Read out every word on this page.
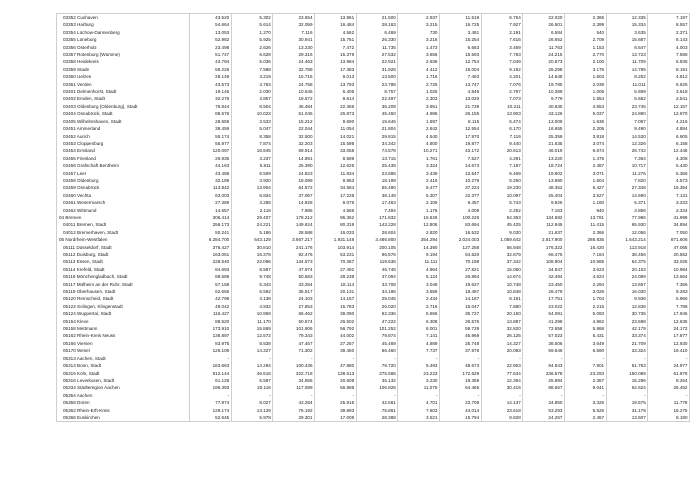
03352 Cuxhaven	43.520	5.302	23.654	13.961	21.500	2.937	11.519	6.764	22.020	2.365	12.335	7.197
03353 Harburg	54.664	5.614	32.059	16.484	28.163	3.215	16.725	7.927	26.501	2.399	15.334	8.557
03354 Lüchow-Dannenberg	13.053	1.270	7.116	4.562	6.469	730	3.481	2.191	6.584	540	3.635	2.371
03355 Lüneburg	52.982	5.925	30.941	15.761	26.330	3.216	15.254	7.616	26.652	2.709	15.687	8.143
03356 Osterholz	23.498	2.626	13.230	7.472	11.735	1.473	6.663	3.469	11.763	1.153	6.547	4.003
03357 Rotenburg (Wümme)	51.747	6.628	29.316	15.379	27.532	3.656	15.593	7.783	24.215	2.770	13.723	7.596
03358 Heidekreis	43.794	5.036	24.463	13.984	22.921	2.936	12.754	7.049	20.873	2.100	11.709	6.935
03359 Stade	56.226	7.588	32.789	17.383	31.928	4.412	18.004	9.192	26.298	3.176	14.785	8.191
03360 Uelzen	28.149	3.219	15.715	9.013	13.500	1.716	7.463	4.201	14.648	1.503	8.252	4.812
03361 Verden	43.573	4.763	24.758	13.793	23.788	2.725	13.747	7.076	19.785	2.038	11.011	6.625
03401 Delmenhorst, Stadt	19.146	2.030	10.545	6.405	8.757	1.025	4.846	2.787	10.389	1.005	5.699	3.618
03402 Emden, Stadt	32.276	3.857	18.572	9.614	22.497	2.303	13.020	7.073	9.779	1.554	5.652	2.541
03403 Oldenburg (Oldenburg), Stadt	76.844	8.504	45.484	22.366	36.209	3.951	21.739	10.211	40.635	4.553	23.745	12.157
03404 Osnabrück, Stadt	88.576	10.023	51.045	26.873	45.450	4.986	26.155	13.903	43.126	5.037	24.890	12.970
03405 Wilhelmshaven, Stadt	28.655	3.533	15.212	9.690	15.646	1.897	8.115	5.474	13.009	1.636	7.097	4.216
03451 Ammerland	38.459	5.047	22.044	11.054	21.804	2.842	12.554	6.170	16.655	2.205	9.490	4.884
03452 Aurich	55.174	8.358	32.500	14.021	29.815	4.540	17.970	7.116	25.359	3.818	14.530	6.905
03453 Cloppenburg	55.977	7.874	32.203	15.598	34.342	4.800	19.877	9.440	21.635	3.074	12.326	6.158
03454 Emsland	120.097	16.945	69.914	33.058	74.578	10.271	43.172	20.613	46.019	6.674	26.742	12.445
03455 Friesland	26.935	3.237	14.891	8.589	13.715	1.761	7.527	4.291	13.220	1.476	7.364	4.308
03456 Grafschaft Bentheim	44.163	5.811	25.390	12.625	25.439	3.324	14.673	7.187	18.724	2.487	10.717	5.430
03457 Leer	43.488	6.509	24.823	11.834	23.686	3.439	13.547	6.469	19.802	3.071	11.276	5.366
03458 Oldenburg	32.189	3.920	18.099	9.863	18.199	2.416	10.279	5.290	13.990	1.504	7.820	4.573
03459 Osnabrück	113.842	13.904	64.572	34.584	65.490	8.477	37.224	19.230	48.352	5.427	27.348	15.354
03460 Vechta	63.003	8.834	37.067	17.228	38.149	5.307	22.377	10.097	25.404	3.527	14.690	7.131
03461 Wesermarsch	27.389	3.285	14.828	9.076	17.463	2.105	9.457	5.743	9.926	1.180	5.371	3.333
03462 Wittmund	14.657	2.116	7.985	4.566	7.494	1.176	4.009	2.252	7.163	940	3.856	2.334
04 Bremen	306.414	29.407	178.212	96.362	171.832	15.626	100.226	54.363	134.582	13.781	77.986	41.999
04011 Bremen, Stadt	256.173	24.221	149.624	80.319	143.228	12.806	83.694	45.425	112.945	11.415	65.930	34.894
04012 Bremerhaven, Stadt	50.241	5.186	28.588	16.033	28.604	2.820	16.532	9.030	21.637	2.366	12.056	7.050
05 Nordrhein-Westfalen	6.284.700	643.129	3.667.217	1.931.148	3.466.800	354.294	2.024.003	1.059.642	2.817.900	288.835	1.643.214	871.606
05111 Düsseldorf, Stadt	376.427	30.810	241.176	103.914	200.105	14.390	127.258	56.948	176.322	16.420	113.918	47.065
05112 Duisburg, Stadt	163.051	16.378	92.476	53.231	96.576	9.194	54.520	32.679	66.475	7.184	38.456	20.552
05113 Essen, Stadt	228.540	22.096	134.573	70.367	119.636	11.111	70.198	37.342	108.904	10.985	64.375	33.025
05114 Krefeld, Stadt	84.693	8.587	47.974	27.492	46.746	4.964	27.821	15.060	34.947	3.623	20.153	10.984
05116 Mönchengladbach, Stadt	89.588	9.748	50.583	28.238	47.094	5.124	26.894	14.674	42.494	4.624	24.089	13.564
05117 Mülheim an der Ruhr, Stadt	57.158	5.343	33.284	18.114	33.708	3.049	19.627	10.748	23.450	2.294	13.657	7.366
05119 Oberhausen, Stadt	62.665	6.592	35.517	20.131	34.186	3.556	19.487	10.848	28.479	3.026	16.030	9.283
05120 Remscheid, Stadt	42.796	4.138	24.103	14.157	25.045	2.434	14.167	8.191	17.751	1.704	9.936	5.966
05122 Solingen, Klingenstadt	49.042	4.932	27.853	15.783	26.020	2.716	15.047	7.880	23.022	2.216	12.836	7.798
05124 Wuppertal, Stadt	116.427	10.959	66.462	38.090	62.336	5.866	35.727	20.150	54.091	5.093	30.735	17.946
05154 Kleve	88.520	11.170	50.574	26.502	47.222	6.308	26.576	13.887	41.298	4.862	23.598	12.635
05158 Mettmann	173.910	15.869	101.906	56.792	101.252	8.001	59.729	32.820	72.658	5.868	42.179	24.172
05162 Rhein-Kreis Neuss	136.897	12.572	79.343	44.002	79.874	7.141	45.969	26.125	57.023	5.431	33.374	17.877
05166 Viersen	83.975	8.538	47.457	27.257	45.469	4.889	25.748	14.327	38.506	3.649	21.709	12.930
05170 Wesel	126.106	14.327	71.302	39.450	66.460	7.737	37.976	20.083	59.646	6.590	33.324	19.410
05313 Aachen, Stadt	-	-	-	-	-	-	-	-	-	-	-	-
05314 Bonn, Stadt	163.663	14.294	100.436	47.880	78.720	6.493	48.673	22.903	84.943	7.801	51.763	24.977
05315 Köln, Stadt	512.144	46.516	322.718	139.513	275.566	23.223	172.629	77.634	236.578	23.293	150.089	61.879
05316 Leverkusen, Stadt	61.126	5.587	34.655	20.608	35.132	3.230	19.359	12.394	25.994	2.357	15.296	8.264
05334 Städteregion Aachen	195.393	20.116	117.089	56.888	106.826	11.075	64.465	30.416	88.567	9.041	52.624	26.452
05354 Aachen	-	-	-	-	-	-	-	-	-	-	-	-
05358 Düren	77.874	8.027	43.284	25.915	42.561	4.701	23.709	14.137	34.850	3.326	19.575	11.778
05362 Rhein-Erft-Kreis	129.174	13.129	75.192	39.893	75.861	7.603	44.014	23.618	53.293	5.526	31.178	16.275
05366 Euskirchen	52.645	5.978	29.301	17.008	28.388	3.521	15.794	8.828	24.257	2.457	13.507	8.180
